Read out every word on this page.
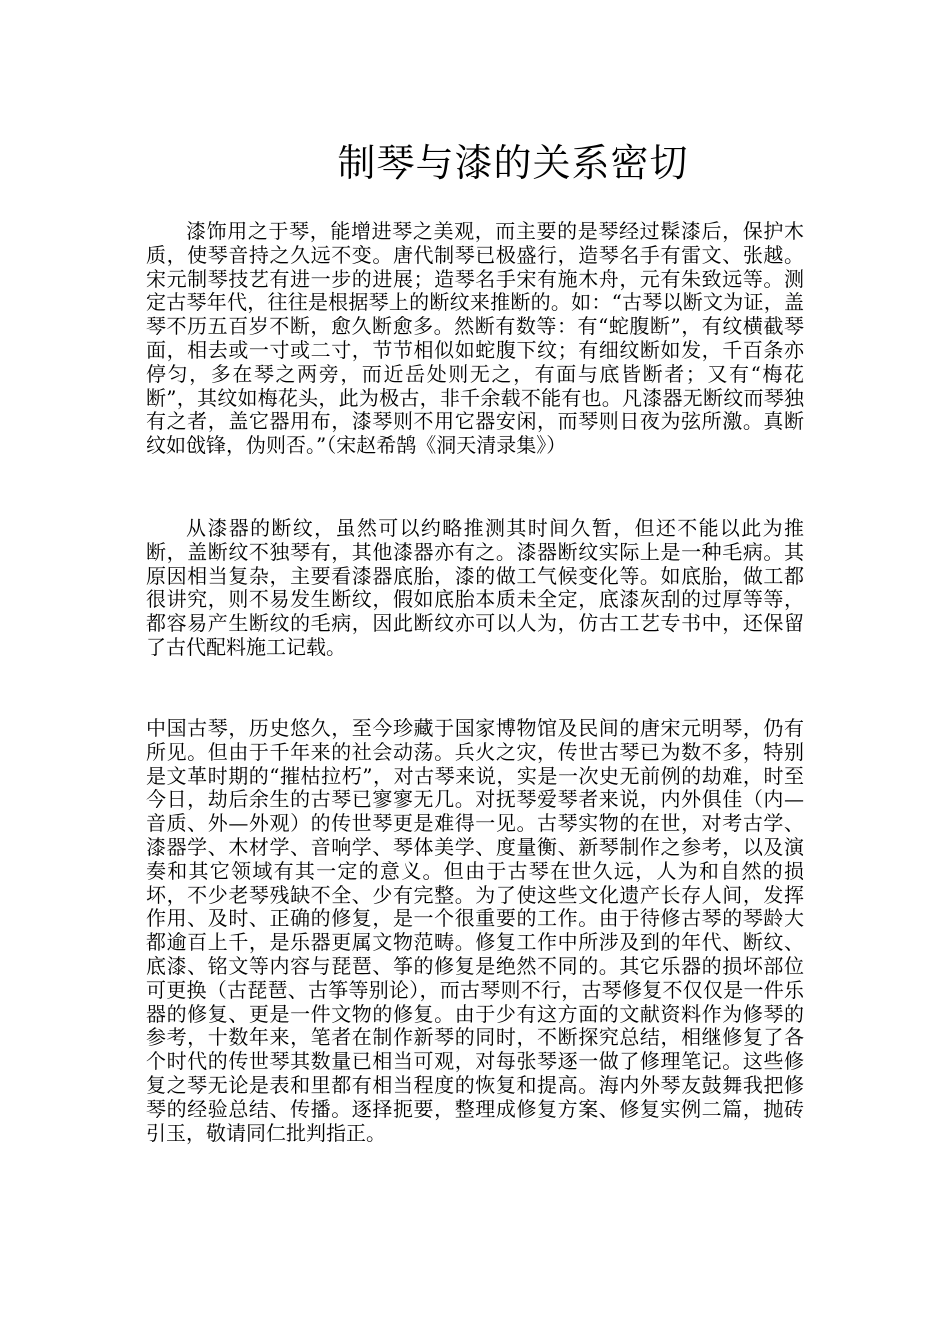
制琴与漆的关系密切

漆饰用之于琴，能增进琴之美观，而主要的是琴经过髹漆后，保护木质，使琴音持之久远不变。唐代制琴已极盛行，造琴名手有雷文、张越。宋元制琴技艺有进一步的进展；造琴名手宋有施木舟，元有朱致远等。测定古琴年代，往往是根据琴上的断纹来推断的。如：“古琴以断文为证，盖琴不历五百岁不断，愈久断愈多。然断有数等：有“蛇腹断”，有纹横截琴面，相去或一寸或二寸，节节相似如蛇腹下纹；有细纹断如发，千百条亦停匀，多在琴之两旁，而近岳处则无之，有面与底皆断者；又有“梅花断”，其纹如梅花头，此为极古，非千余载不能有也。凡漆器无断纹而琴独有之者，盖它器用布，漆琴则不用它器安闲，而琴则日夜为弦所激。真断纹如戗锋，伪则否。”（宋赵希鹄《洞天清录集》）

从漆器的断纹，虽然可以约略推测其时间久暂，但还不能以此为推断，盖断纹不独琴有，其他漆器亦有之。漆器断纹实际上是一种毛病。其原因相当复杂，主要看漆器底胎，漆的做工气候变化等。如底胎，做工都很讲究，则不易发生断纹，假如底胎本质未全定，底漆灰刮的过厚等等，都容易产生断纹的毛病，因此断纹亦可以人为，仿古工艺专书中，还保留了古代配料施工记载。

中国古琴，历史悠久，至今珍藏于国家博物馆及民间的唐宋元明琴，仍有所见。但由于千年来的社会动荡。兵火之灾，传世古琴已为数不多，特别是文革时期的“摧枯拉朽”，对古琴来说，实是一次史无前例的劫难，时至今日，劫后余生的古琴已寥寥无几。对抚琴爱琴者来说，内外俱佳（内—音质、外—外观）的传世琴更是难得一见。古琴实物的在世，对考古学、漆器学、木材学、音响学、琴体美学、度量衡、新琴制作之参考，以及演奏和其它领域有其一定的意义。但由于古琴在世久远，人为和自然的损坏，不少老琴残缺不全、少有完整。为了使这些文化遗产长存人间，发挥作用、及时、正确的修复，是一个很重要的工作。由于待修古琴的琴龄大都逾百上千，是乐器更属文物范畴。修复工作中所涉及到的年代、断纹、底漆、铭文等内容与琵琶、筝的修复是绝然不同的。其它乐器的损坏部位可更换（古琵琶、古筝等别论），而古琴则不行，古琴修复不仅仅是一件乐器的修复、更是一件文物的修复。由于少有这方面的文献资料作为修琴的参考，十数年来，笔者在制作新琴的同时，不断探究总结，相继修复了各个时代的传世琴其数量已相当可观，对每张琴逐一做了修理笔记。这些修复之琴无论是表和里都有相当程度的恢复和提高。海内外琴友鼓舞我把修琴的经验总结、传播。逐择扼要，整理成修复方案、修复实例二篇，抛砖引玉，敬请同仁批判指正。
